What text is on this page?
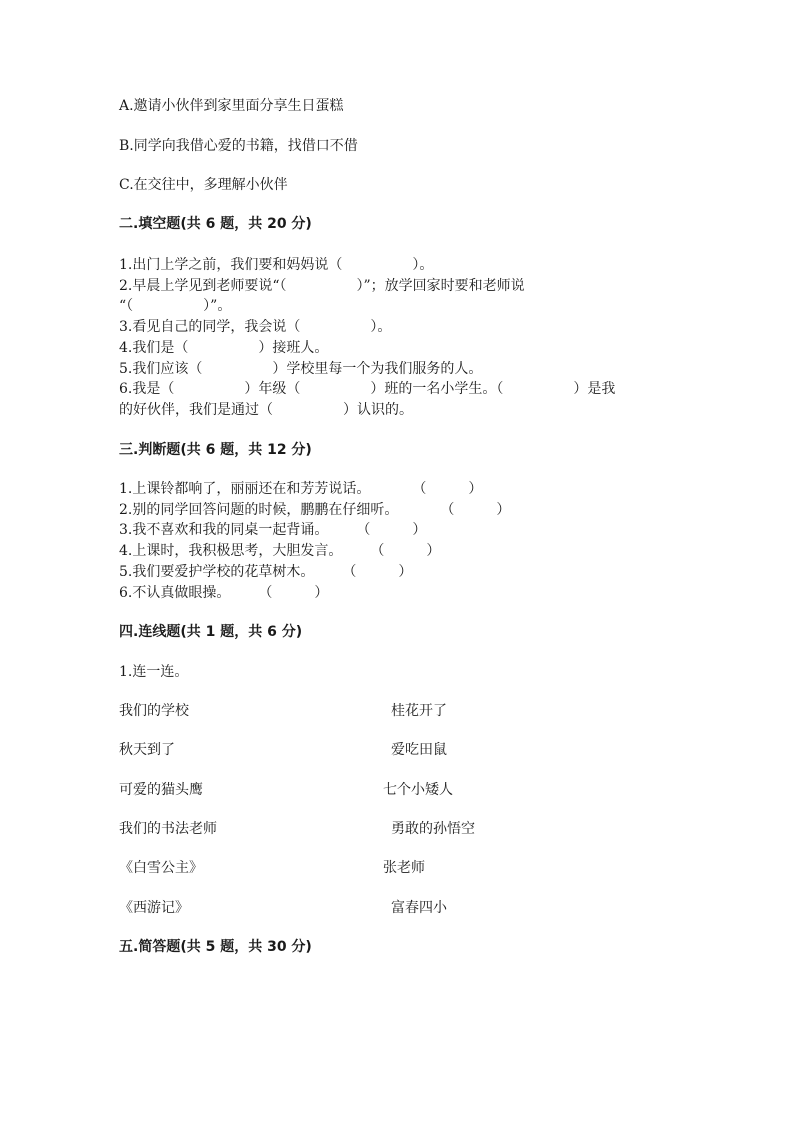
A.邀请小伙伴到家里面分享生日蛋糕
B.同学向我借心爱的书籍，找借口不借
C.在交往中，多理解小伙伴
二.填空题(共 6 题，共 20 分)
1.出门上学之前，我们要和妈妈说（　　　　　）。
2.早晨上学见到老师要说“（　　　　　）”；放学回家时要和老师说
“（　　　　　）”。
3.看见自己的同学，我会说（　　　　　）。
4.我们是（　　　　　）接班人。
5.我们应该（　　　　　）学校里每一个为我们服务的人。
6.我是（　　　　　）年级（　　　　　）班的一名小学生。（　　　　　）是我
的好伙伴，我们是通过（　　　　　）认识的。
三.判断题(共 6 题，共 12 分)
1.上课铃都响了，丽丽还在和芳芳说话。　　　　（　　　）
2.别的同学回答问题的时候，鹏鹏在仔细听。　　　　（　　　）
3.我不喜欢和我的同桌一起背诵。　　　（　　　）
4.上课时，我积极思考，大胆发言。　　　（　　　）
5.我们要爱护学校的花草树木。　　　（　　　）
6.不认真做眼操。　　　（　　　）
四.连线题(共 1 题，共 6 分)
1.连一连。
我们的学校	桂花开了
秋天到了	爱吃田鼠
可爱的猫头鹰	七个小矮人
我们的书法老师	勇敢的孙悟空
《白雪公主》	张老师
《西游记》	富春四小
五.简答题(共 5 题，共 30 分)
